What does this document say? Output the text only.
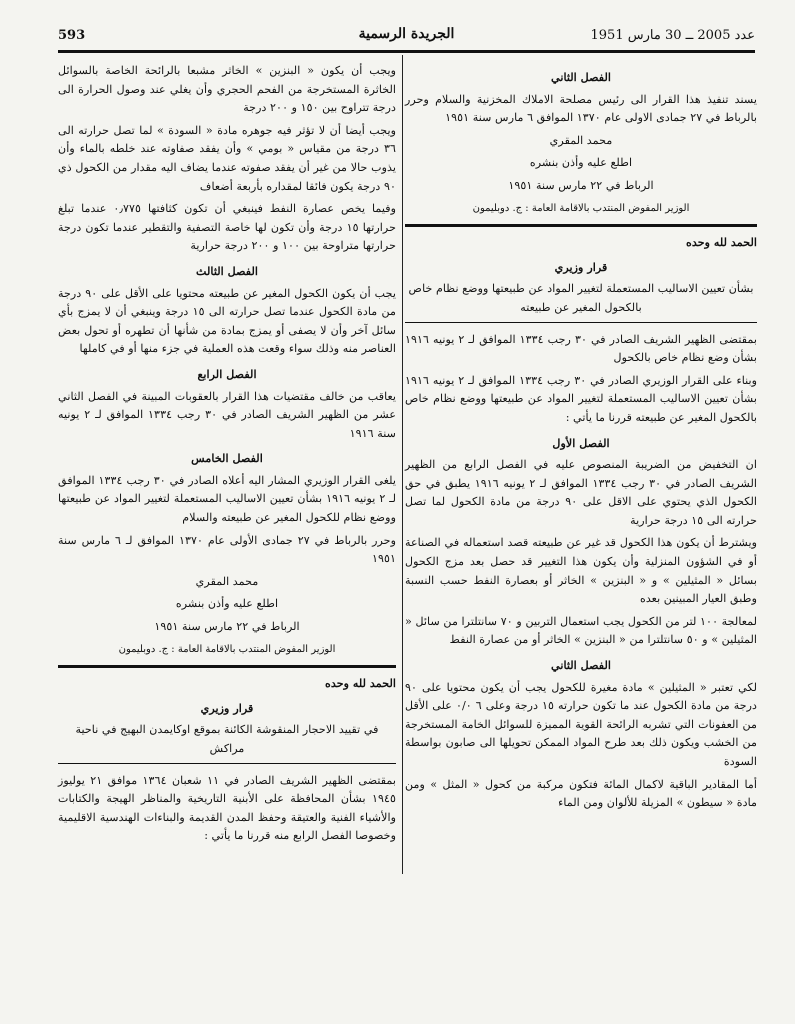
593	الجريدة الرسمية	عدد 2005 ــ 30 مارس 1951
الفصل الثاني

يسند تنفيذ هذا القرار الى رئيس مصلحة الاملاك المخزنية والسلام وحرر بالرباط في ٢٧ جمادى الاولى عام ١٣٧٠ الموافق ٦ مارس سنة ١٩٥١

محمد المقري
اطلع عليه وأذن بنشره
الرباط في ٢٢ مارس سنة ١٩٥١
الوزير المفوض المنتدب بالاقامة العامة : ج. دوبليمون
الحمد لله وحده
قرار وزيري

بشأن تعيين الاساليب المستعملة لتغيير المواد عن طبيعتها ووضع نظام خاص بالكحول المغير عن طبيعته

بمقتضى الظهير الشريف الصادر في ٣٠ رجب ١٣٣٤ الموافق لـ ٢ يونيه ١٩١٦ بشأن وضع نظام خاص بالكحول

وبناء على القرار الوزيري الصادر في ٣٠ رجب ١٣٣٤ الموافق لـ ٢ يونيه ١٩١٦ بشأن تعيين الاساليب المستعملة لتغيير المواد عن طبيعتها ووضع نظام خاص بالكحول المغير عن طبيعته قررنا ما يأتي :

الفصل الأول

ان التخفيض من الضريبة المنصوص عليه في الفصل الرابع من الظهير الشريف الصادر في ٣٠ رجب ١٣٣٤ الموافق لـ ٢ يونيه ١٩١٦ يطبق في حق الكحول الذي يحتوي على الاقل على ٩٠ درجة من مادة الكحول لما تصل حرارته الى ١٥ درجة حرارية

ويشترط أن يكون هذا الكحول قد غير عن طبيعته قصد استعماله في الصناعة أو في الشؤون المنزلية وأن يكون هذا التغيير قد حصل بعد مزج الكحول بسائل « المثيلين » و « البنزين » الخاثر أو بعصارة النفط حسب النسبة وطبق العيار المبينين بعده

لمعالجة ١٠٠ لتر من الكحول يجب استعمال التربين و ٧٠ سانتلترا من سائل « المثيلين » و ٥٠ سانتلترا من « البنزين » الخاثر أو من عصارة النفط

الفصل الثاني

لكي تعتبر « المثيلين » مادة مغيرة للكحول يجب أن يكون محتويا على ٩٠ درجة من مادة الكحول عند ما تكون حرارته ١٥ درجة وعلى ٦ ٠/٠ على الأقل من العفونات التي تشربه الرائحة القوية المميزة للسوائل الخامة المستخرجة من الخشب ويكون ذلك بعد طرح المواد الممكن تحويلها الى صابون بواسطة السودة

أما المقادير الباقية لاكمال المائة فتكون مركبة من كحول « المثل » ومن مادة « سيطون » المزيلة للألوان ومن الماء

ويجب أن يكون « البنزين » الخاثر مشبعا بالرائحة الخاصة بالسوائل الخاثرة المستخرجة من الفحم الحجري وأن يغلي عند وصول الحرارة الى درجة تتراوح بين ١٥٠ و ٢٠٠ درجة

ويجب أيضا أن لا تؤثر فيه جوهره مادة « السودة » لما تصل حرارته الى ٣٦ درجة من مقياس « بومي » وأن يفقد صفاوته عند خلطه بالماء وأن يذوب حالا من غير أن يفقد صفوته عندما يضاف اليه مقدار من الكحول ذي ٩٠ درجة يكون فائقا لمقداره بأربعة أضعاف

وفيما يخص عصارة النفط فينبغي أن تكون كثافتها ٠٫٧٧٥ عندما تبلغ حرارتها ١٥ درجة وأن تكون لها خاصة التصفية والتقطير عندما تكون درجة حرارتها متراوحة بين ١٠٠ و ٢٠٠ درجة حرارية

الفصل الثالث

يجب أن يكون الكحول المغير عن طبيعته محتويا على الأقل على ٩٠ درجة من مادة الكحول عندما تصل حرارته الى ١٥ درجة وينبغي أن لا يمزج بأي سائل آخر وأن لا يصفى أو يمزج بمادة من شأنها أن تطهره أو تحول بعض العناصر منه وذلك سواء وقعت هذه العملية في جزء منها أو في كاملها

الفصل الرابع

يعاقب من خالف مقتضيات هذا القرار بالعقوبات المبينة في الفصل الثاني عشر من الظهير الشريف الصادر في ٣٠ رجب ١٣٣٤ الموافق لـ ٢ يونيه سنة ١٩١٦

الفصل الخامس

يلغى القرار الوزيري المشار اليه أعلاه الصادر في ٣٠ رجب ١٣٣٤ الموافق لـ ٢ يونيه ١٩١٦ بشأن تعيين الاساليب المستعملة لتغيير المواد عن طبيعتها ووضع نظام للكحول المغير عن طبيعته والسلام

وحرر بالرباط في ٢٧ جمادى الأولى عام ١٣٧٠ الموافق لـ ٦ مارس سنة ١٩٥١

محمد المقري
اطلع عليه وأذن بنشره
الرباط في ٢٢ مارس سنة ١٩٥١
الوزير المفوض المنتدب بالاقامة العامة : ج. دوبليمون
الحمد لله وحده
قرار وزيري

في تقييد الاحجار المنقوشة الكائنة بموقع اوكايمدن البهيج في ناحية مراكش

بمقتضى الظهير الشريف الصادر في ١١ شعبان ١٣٦٤ موافق ٢١ يوليوز ١٩٤٥ بشأن المحافظة على الأبنية التاريخية والمناظر الهيجة والكتابات والأشياء الفنية والعتيقة وحفظ المدن القديمة والبناءات الهندسية الاقليمية وخصوصا الفصل الرابع منه قررنا ما يأتي :
